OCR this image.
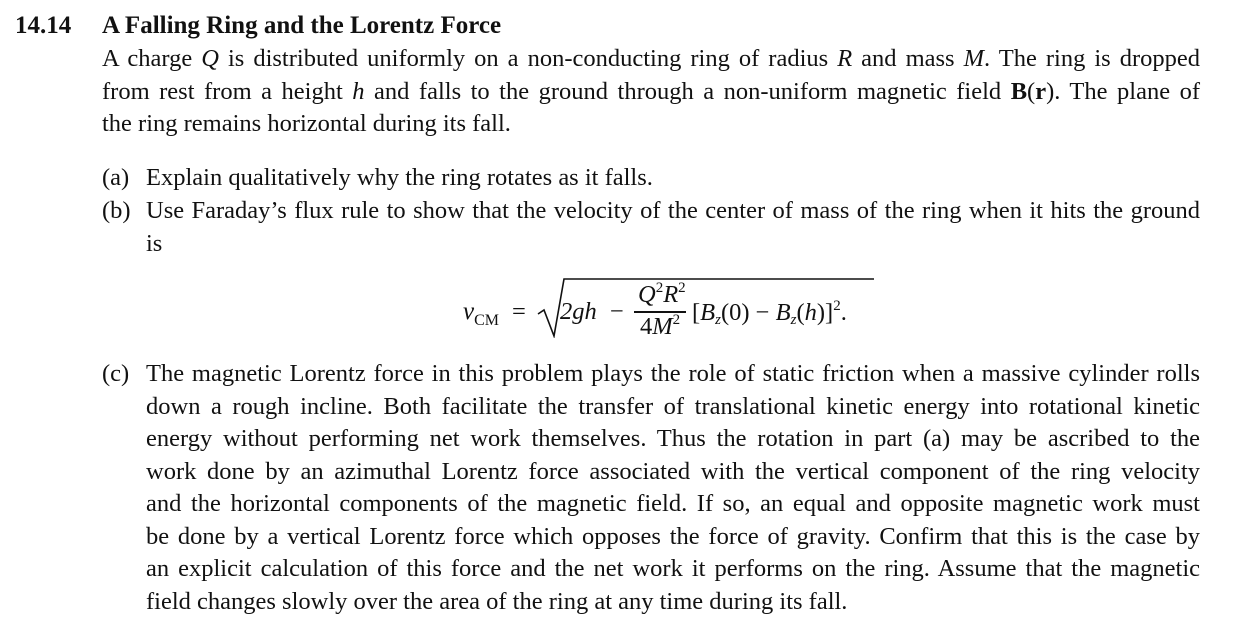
14.14 A Falling Ring and the Lorentz Force
A charge Q is distributed uniformly on a non-conducting ring of radius R and mass M. The ring is dropped
from rest from a height h and falls to the ground through a non-uniform magnetic field B(r). The plane of
the ring remains horizontal during its fall.
(a) Explain qualitatively why the ring rotates as it falls.
(b) Use Faraday’s flux rule to show that the velocity of the center of mass of the ring when it hits the ground
is
$v_{CM} = 2gh$ −
$Q^2R^2$
$4M^2$ $[B_z(0) - B_z(h)]^2$.
(c) The magnetic Lorentz force in this problem plays the role of static friction when a massive cylinder rolls
down a rough incline. Both facilitate the transfer of translational kinetic energy into rotational kinetic
energy without performing net work themselves. Thus the rotation in part (a) may be ascribed to the
work done by an azimuthal Lorentz force associated with the vertical component of the ring velocity
and the horizontal components of the magnetic field. If so, an equal and opposite magnetic work must
be done by a vertical Lorentz force which opposes the force of gravity. Confirm that this is the case by
an explicit calculation of this force and the net work it performs on the ring. Assume that the magnetic
field changes slowly over the area of the ring at any time during its fall.
